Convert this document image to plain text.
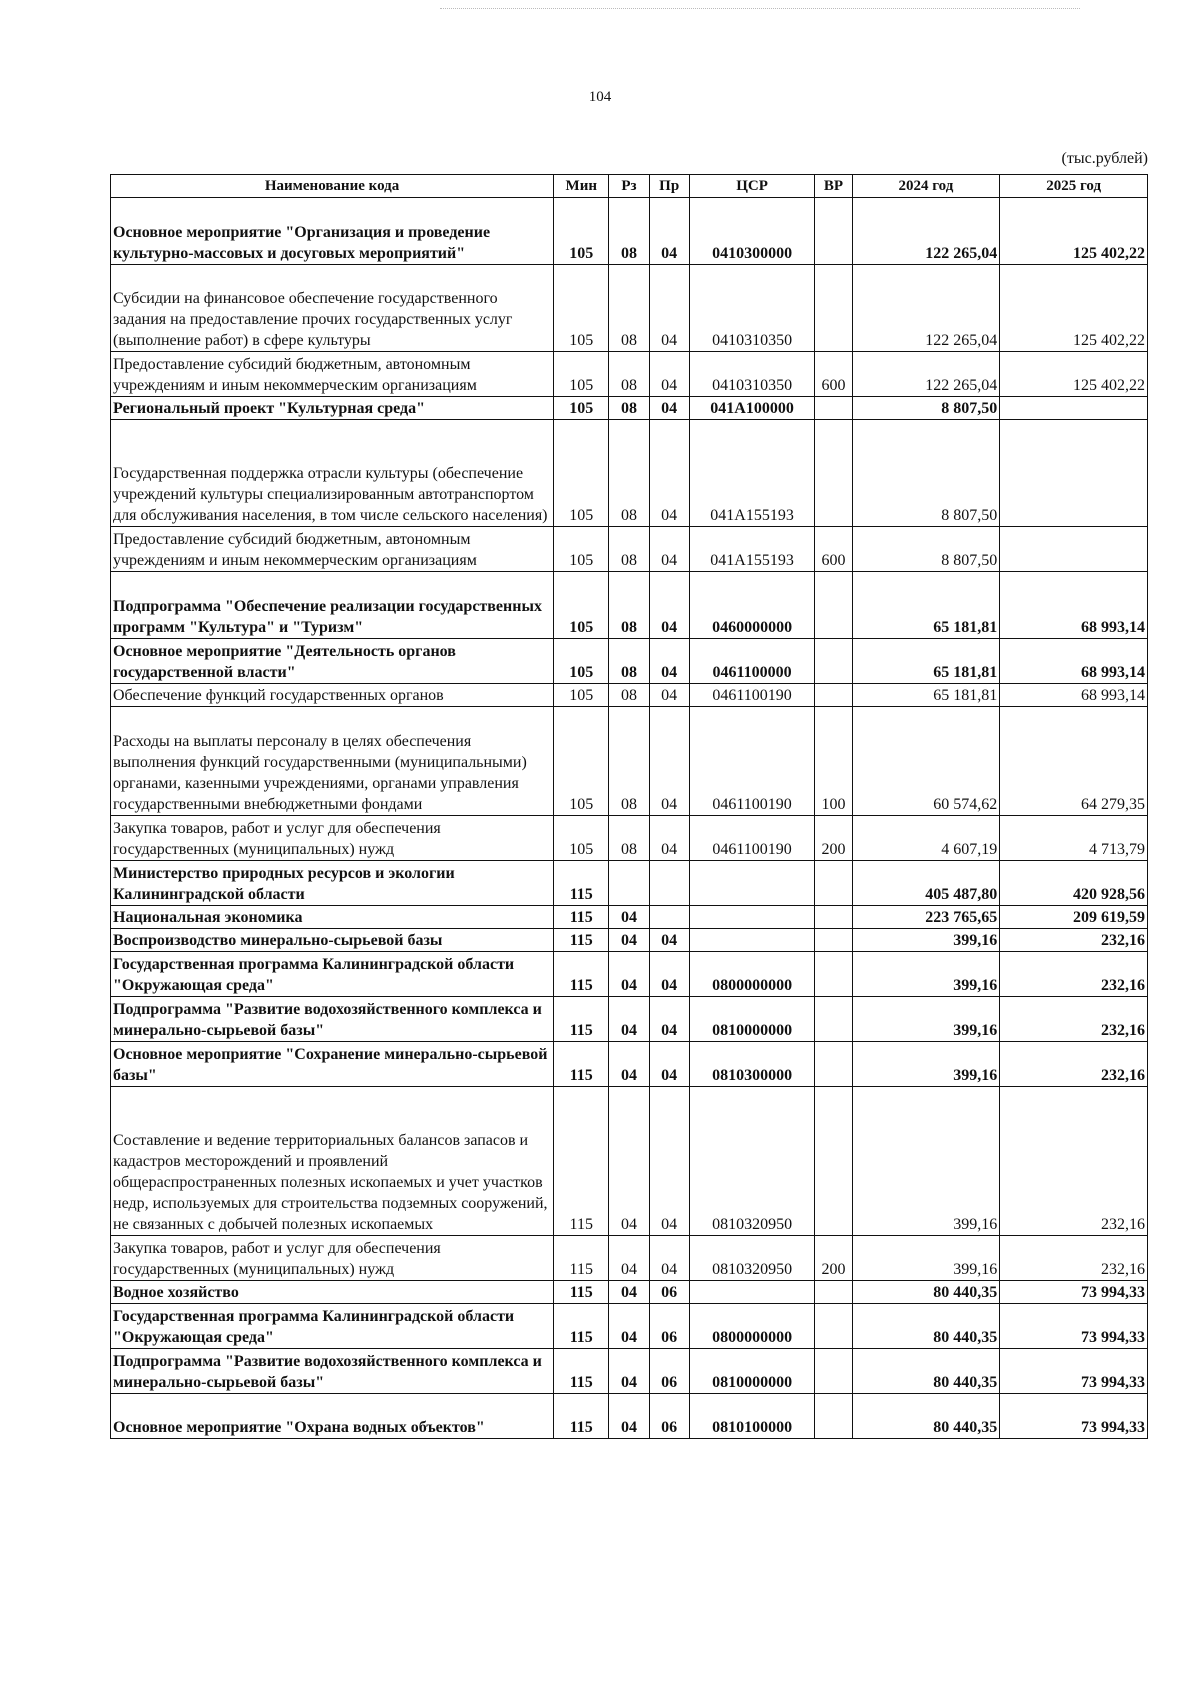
104
(тыс.рублей)
Наименование кода	Мин	Рз	Пр	ЦСР	ВР	2024 год	2025 год
Основное мероприятие "Организация и проведение культурно-массовых и досуговых мероприятий"	105	08	04	0410300000		122 265,04	125 402,22
Субсидии на финансовое обеспечение государственного задания на предоставление прочих государственных услуг (выполнение работ) в сфере культуры	105	08	04	0410310350		122 265,04	125 402,22
Предоставление субсидий бюджетным, автономным учреждениям и иным некоммерческим организациям	105	08	04	0410310350	600	122 265,04	125 402,22
Региональный проект "Культурная среда"	105	08	04	041A100000		8 807,50	
Государственная поддержка отрасли культуры (обеспечение учреждений культуры специализированным автотранспортом для обслуживания населения, в том числе сельского населения)	105	08	04	041A155193		8 807,50	
Предоставление субсидий бюджетным, автономным учреждениям и иным некоммерческим организациям	105	08	04	041A155193	600	8 807,50	
Подпрограмма "Обеспечение реализации государственных программ "Культура" и "Туризм"	105	08	04	0460000000		65 181,81	68 993,14
Основное мероприятие "Деятельность органов государственной власти"	105	08	04	0461100000		65 181,81	68 993,14
Обеспечение функций государственных органов	105	08	04	0461100190		65 181,81	68 993,14
Расходы на выплаты персоналу в целях обеспечения выполнения функций государственными (муниципальными) органами, казенными учреждениями, органами управления государственными внебюджетными фондами	105	08	04	0461100190	100	60 574,62	64 279,35
Закупка товаров, работ и услуг для обеспечения государственных (муниципальных) нужд	105	08	04	0461100190	200	4 607,19	4 713,79
Министерство природных ресурсов и экологии Калининградской области	115					405 487,80	420 928,56
Национальная экономика	115	04				223 765,65	209 619,59
Воспроизводство минерально-сырьевой базы	115	04	04			399,16	232,16
Государственная программа Калининградской области "Окружающая среда"	115	04	04	0800000000		399,16	232,16
Подпрограмма "Развитие водохозяйственного комплекса и минерально-сырьевой базы"	115	04	04	0810000000		399,16	232,16
Основное мероприятие "Сохранение минерально-сырьевой базы"	115	04	04	0810300000		399,16	232,16
Составление и ведение территориальных балансов запасов и кадастров месторождений и проявлений общераспространенных полезных ископаемых и учет участков недр, используемых для строительства подземных сооружений, не связанных с добычей полезных ископаемых	115	04	04	0810320950		399,16	232,16
Закупка товаров, работ и услуг для обеспечения государственных (муниципальных) нужд	115	04	04	0810320950	200	399,16	232,16
Водное хозяйство	115	04	06			80 440,35	73 994,33
Государственная программа Калининградской области "Окружающая среда"	115	04	06	0800000000		80 440,35	73 994,33
Подпрограмма "Развитие водохозяйственного комплекса и минерально-сырьевой базы"	115	04	06	0810000000		80 440,35	73 994,33
Основное мероприятие "Охрана водных объектов"	115	04	06	0810100000		80 440,35	73 994,33
